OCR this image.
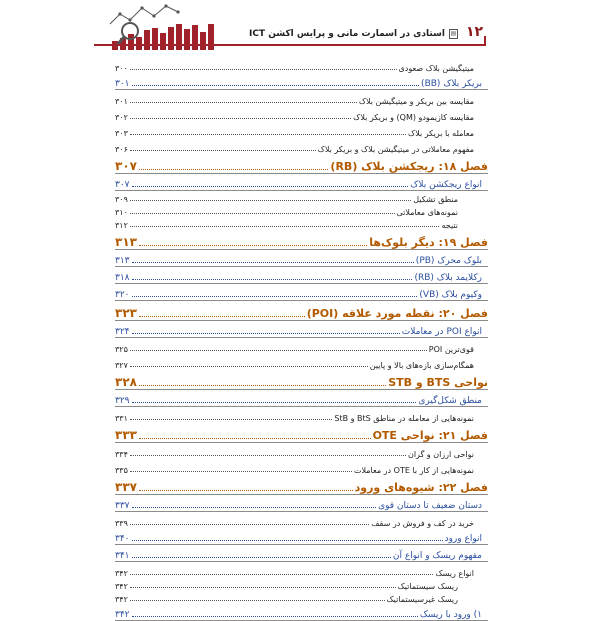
استادی در اسمارت مانی و پرایس اکشن ICT ▤ ۱۲
میتیگیشن بلاک صعودی
۳۰۰
بریکر بلاک (BB)
۳۰۱
مقایسه بین بریکر و میتیگیشن بلاک
۳۰۱
مقایسه کازیمودو (QM) و بریکر بلاک
۳۰۲
معامله با بریکر بلاک
۳۰۳
مفهوم معاملاتی در میتیگیشن بلاک و بریکر بلاک
۳۰۶
فصل ۱۸: ریجکشن بلاک (RB)
۳۰۷
انواع ریجکشن بلاک
۳۰۷
منطق تشکیل
۳۰۹
نمونه‌های معاملاتی
۳۱۰
نتیجه
۳۱۲
فصل ۱۹: دیگر بلوک‌ها
۳۱۳
بلوک محرک (PB)
۳۱۳
رکلایمد بلاک (RB)
۳۱۸
وکیوم بلاک (VB)
۳۲۰
فصل ۲۰: نقطه مورد علاقه (POI)
۳۲۳
انواع POI در معاملات
۳۲۴
قوی‌ترین POI
۳۲۵
همگام‌سازی بازه‌های بالا و پایین
۳۲۷
نواحی BTS و STB
۳۲۸
منطق شکل‌گیری
۳۲۹
نمونه‌هایی از معامله در مناطق BtS و StB
۳۳۱
فصل ۲۱: نواحی OTE
۳۳۳
نواحی ارزان و گران
۳۳۴
نمونه‌هایی از کار با OTE در معاملات
۳۳۵
فصل ۲۲: شیوه‌های ورود
۳۳۷
دستان ضعیف تا دستان قوی
۳۳۷
خرید در کف و فروش در سقف
۳۳۹
انواع ورود
۳۴۰
مفهوم ریسک و انواع آن
۳۴۱
انواع ریسک
۳۴۲
ریسک سیستماتیک
۳۴۲
ریسک غیرسیستماتیک
۳۴۲
۱) ورود با ریسک
۳۴۲
